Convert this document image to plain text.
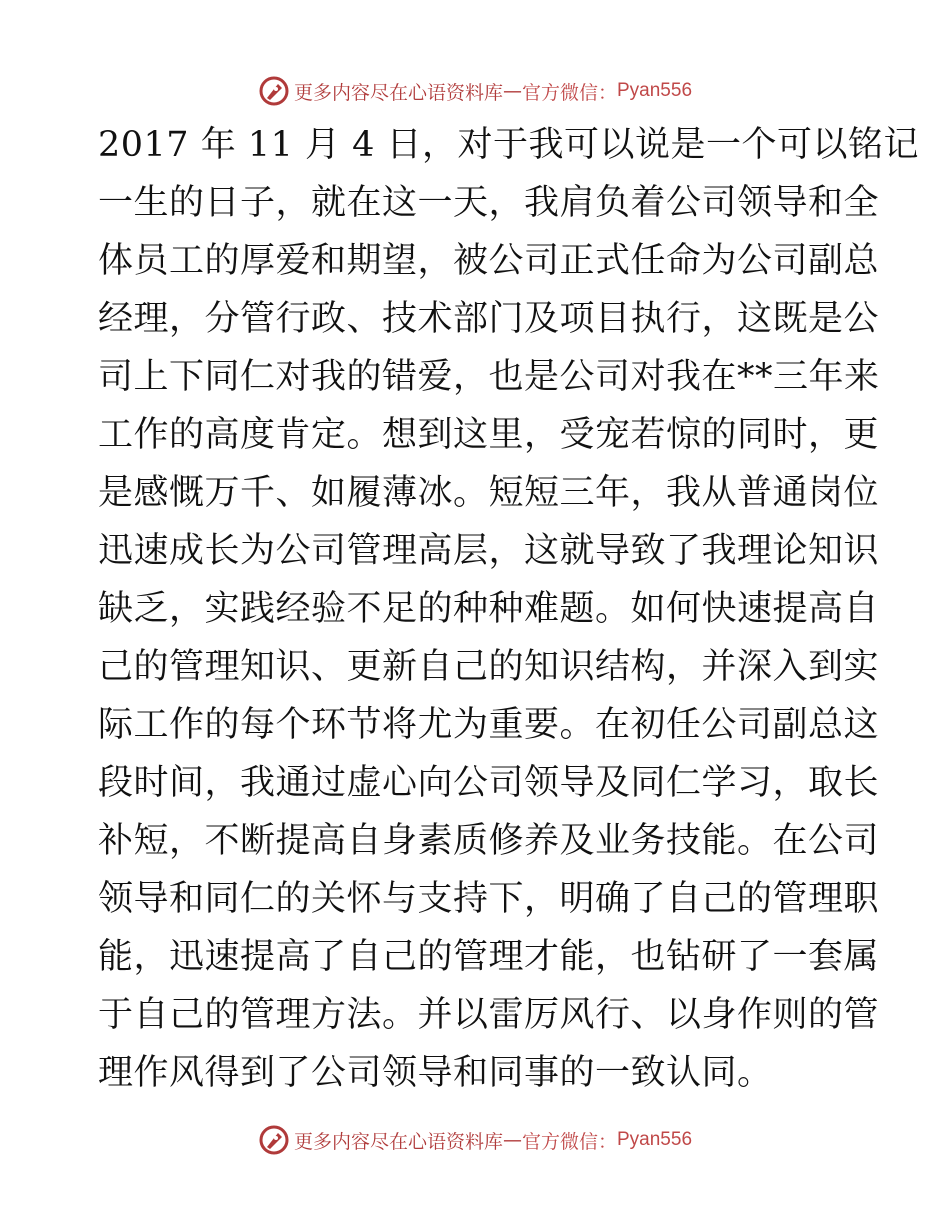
更多内容尽在心语资料库 — 官方微信： Pyan556
2017 年 11 月 4 日，对于我可以说是一个可以铭记
一生的日子，就在这一天，我肩负着公司领导和全
体员工的厚爱和期望，被公司正式任命为公司副总
经理，分管行政、技术部门及项目执行，这既是公
司上下同仁对我的错爱，也是公司对我在**三年来
工作的高度肯定。想到这里，受宠若惊的同时，更
是感慨万千、如履薄冰。短短三年，我从普通岗位
迅速成长为公司管理高层，这就导致了我理论知识
缺乏，实践经验不足的种种难题。如何快速提高自
己的管理知识、更新自己的知识结构，并深入到实
际工作的每个环节将尤为重要。在初任公司副总这
段时间，我通过虚心向公司领导及同仁学习，取长
补短，不断提高自身素质修养及业务技能。在公司
领导和同仁的关怀与支持下，明确了自己的管理职
能，迅速提高了自己的管理才能，也钻研了一套属
于自己的管理方法。并以雷厉风行、以身作则的管
理作风得到了公司领导和同事的一致认同。
更多内容尽在心语资料库 — 官方微信： Pyan556
